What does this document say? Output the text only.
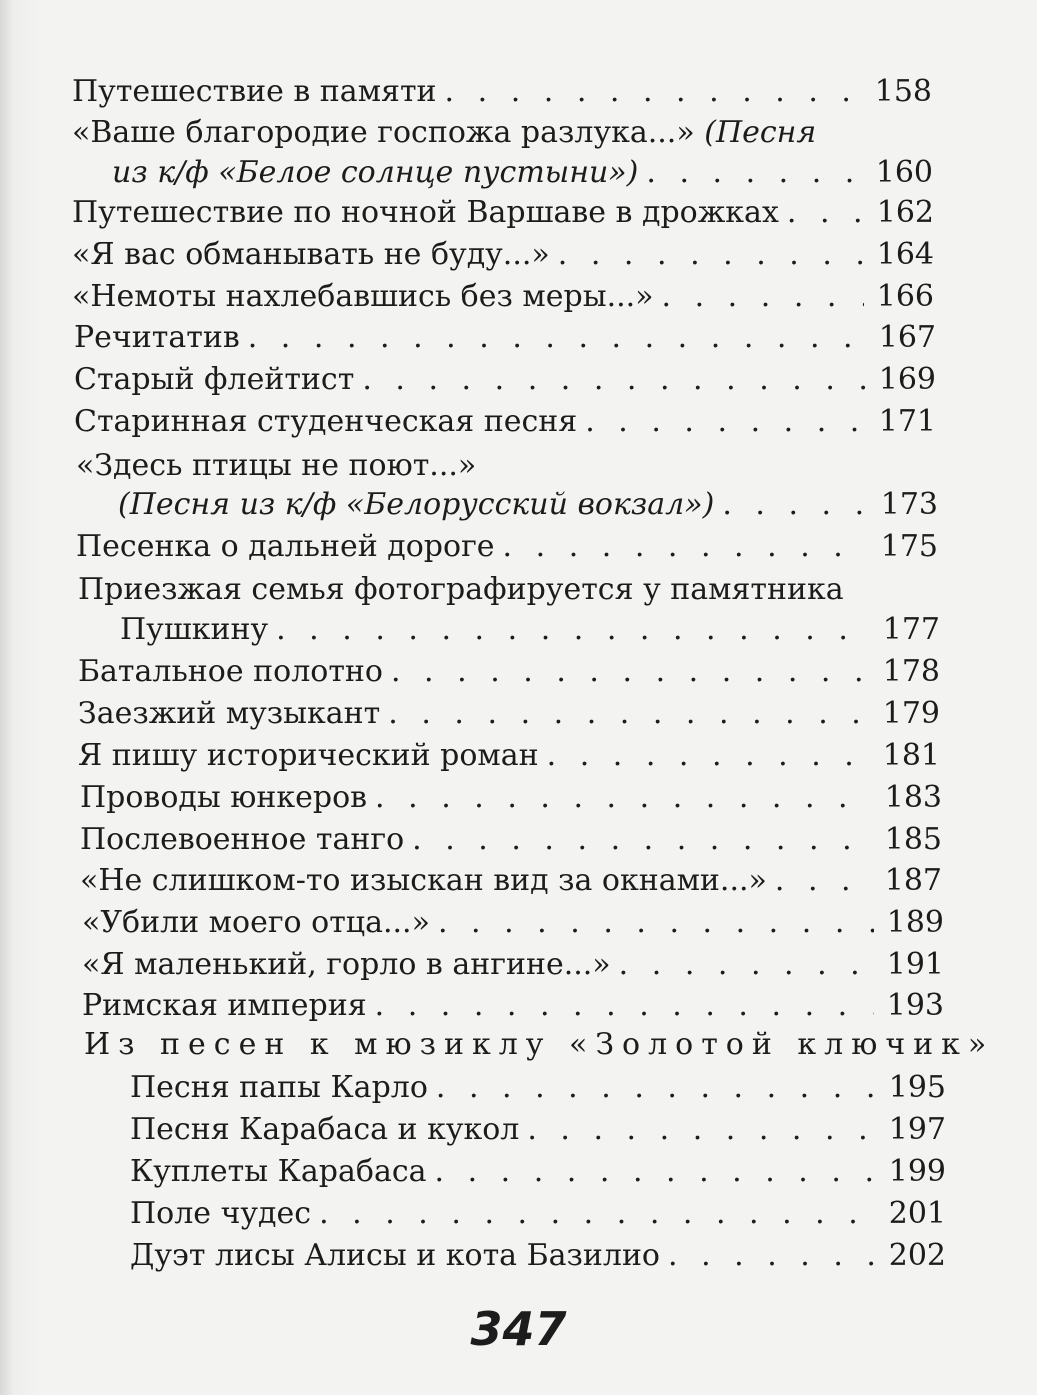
Путешествие в памяти . . .	158
«Ваше благородие госпожа разлука...» (Песня
из к/ф «Белое солнце пустыни») . . .	160
Путешествие по ночной Варшаве в дрожках . . .	162
«Я вас обманывать не буду...» . . .	164
«Немоты нахлебавшись без меры...» . . .	166
Речитатив . . .	167
Старый флейтист . . .	169
Старинная студенческая песня . . .	171
«Здесь птицы не поют...»
(Песня из к/ф «Белорусский вокзал») . . .	173
Песенка о дальней дороге . . .	175
Приезжая семья фотографируется у памятника
Пушкину . . .	177
Батальное полотно . . .	178
Заезжий музыкант . . .	179
Я пишу исторический роман . . .	181
Проводы юнкеров . . .	183
Послевоенное танго . . .	185
«Не слишком-то изыскан вид за окнами...» . . .	187
«Убили моего отца...» . . .	189
«Я маленький, горло в ангине...» . . .	191
Римская империя . . .	193
Из песен к мюзиклу «Золотой ключик»
Песня папы Карло . . .	195
Песня Карабаса и кукол . . .	197
Куплеты Карабаса . . .	199
Поле чудес . . .	201
Дуэт лисы Алисы и кота Базилио . . .	202
347
